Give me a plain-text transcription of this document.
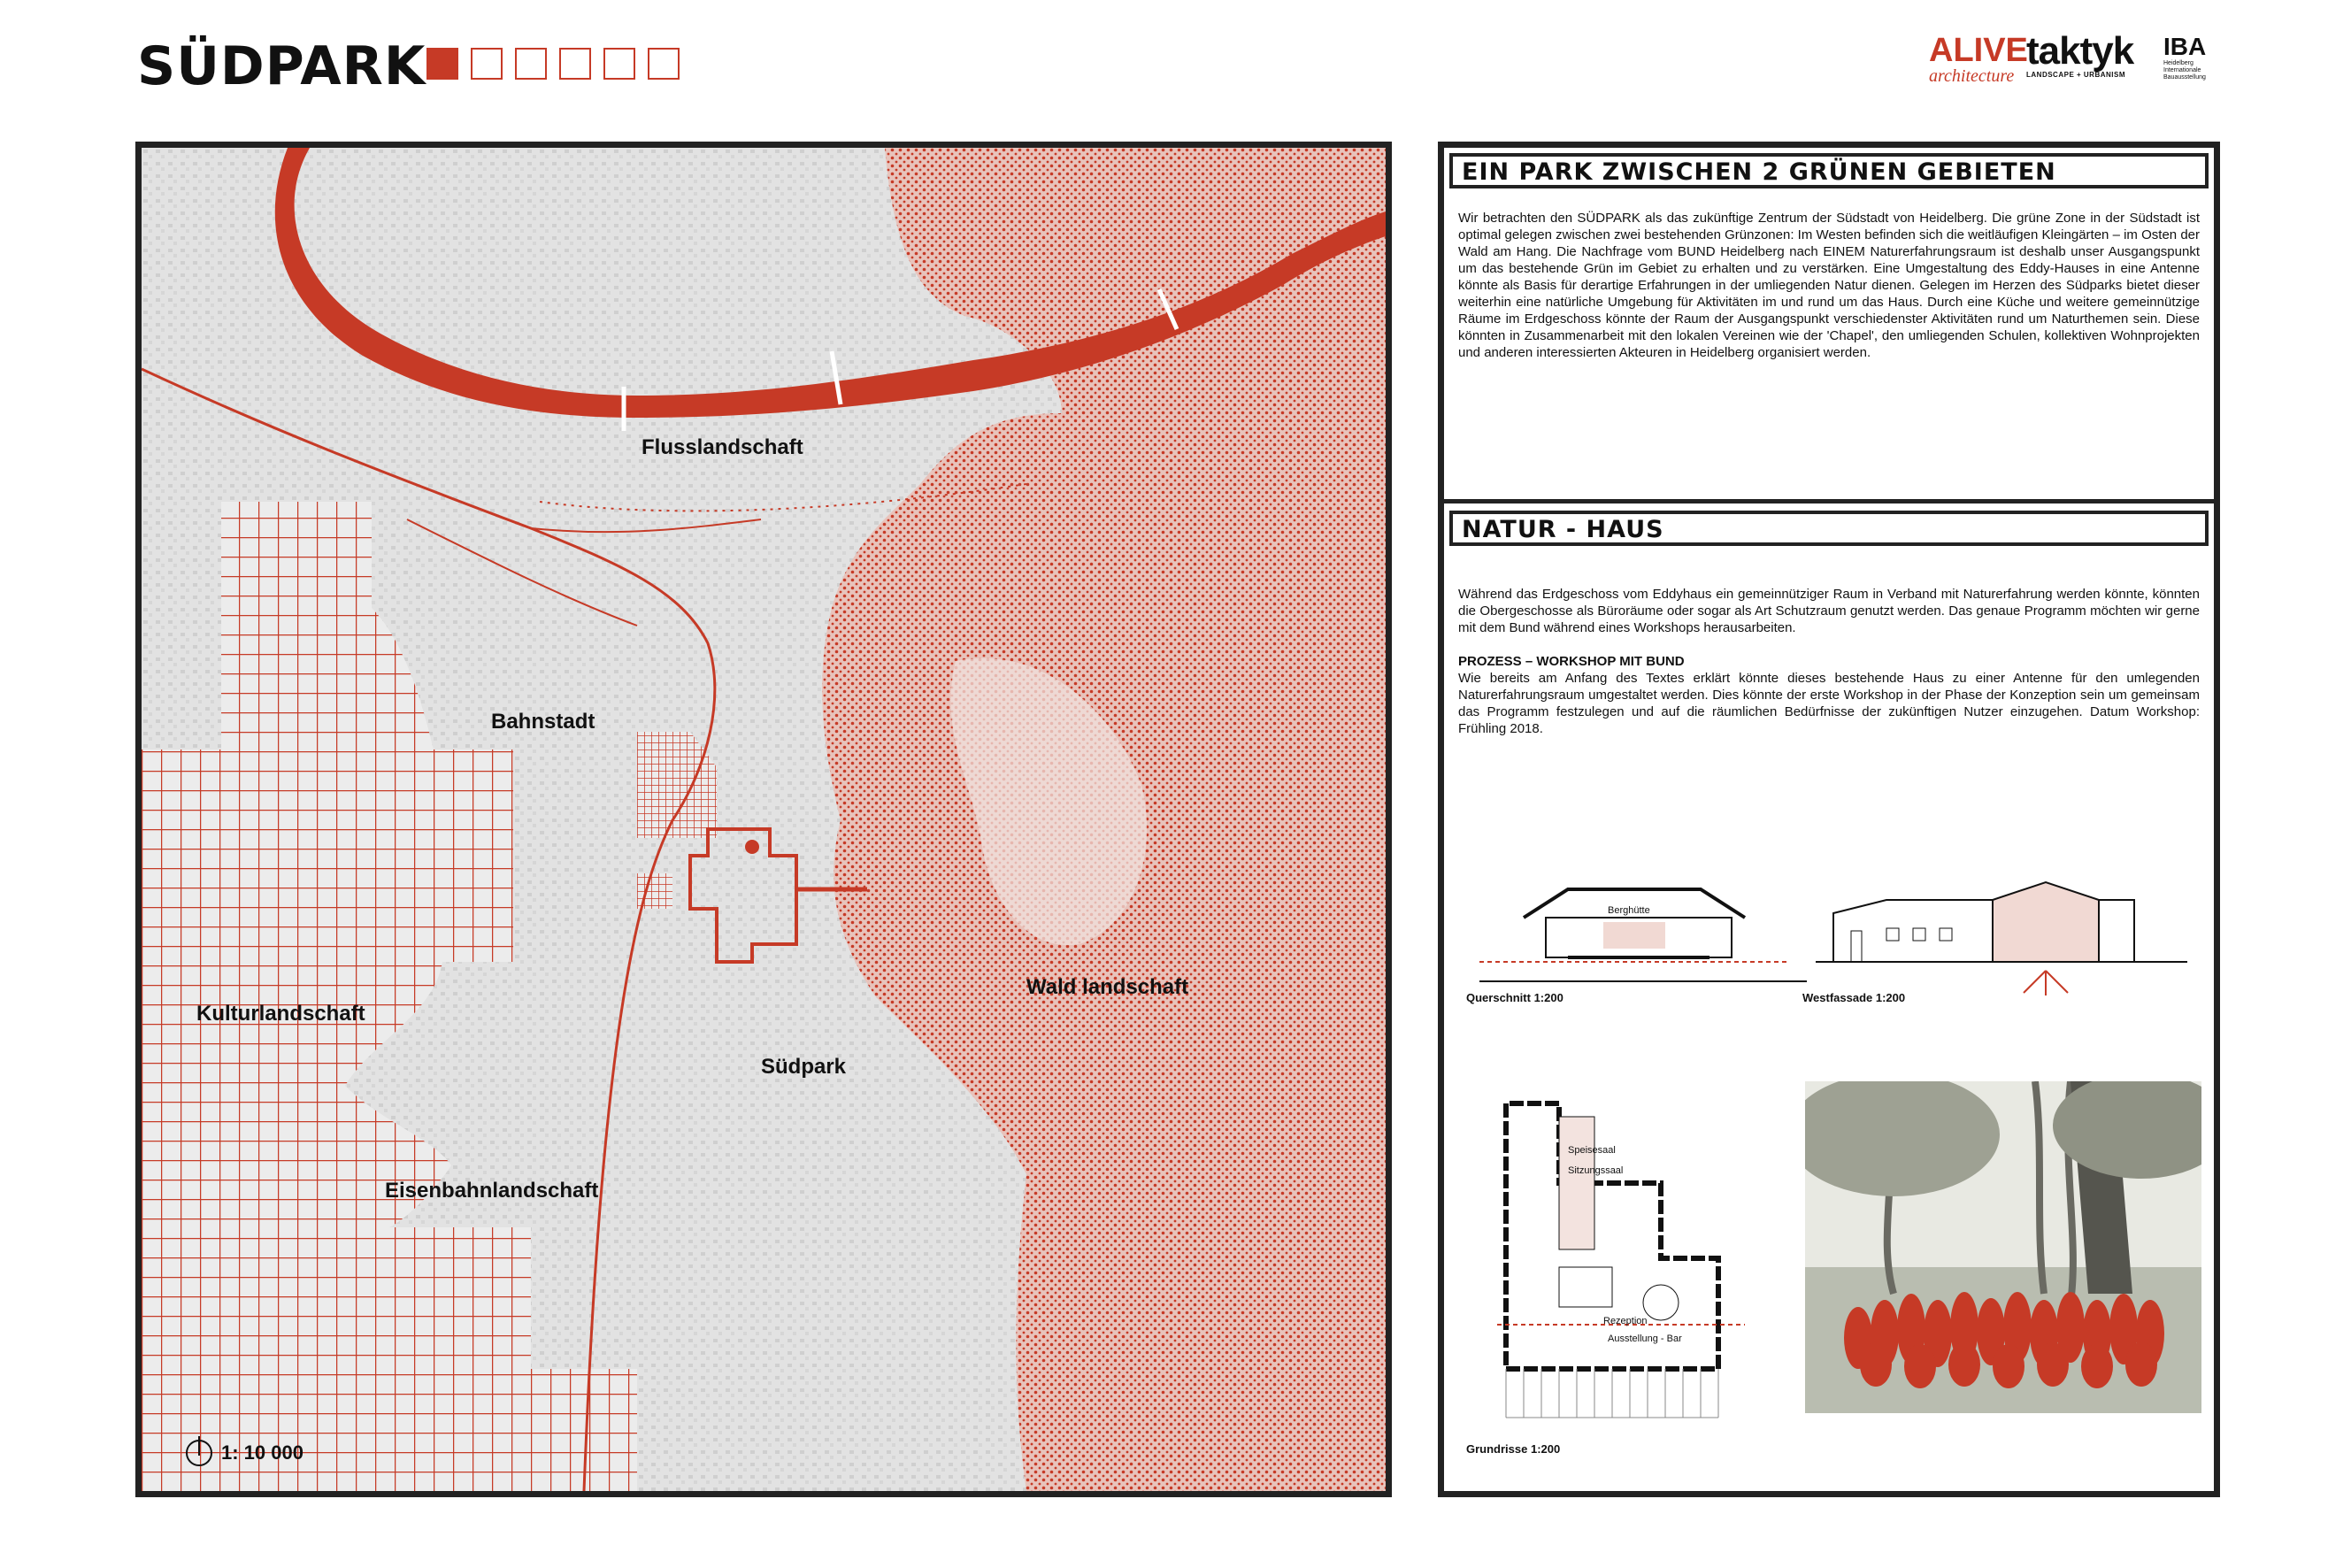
SÜDPARK	ALIVE
architecture
taktyk
LANDSCAPE + URBANISM
IBA
Heidelberg Internationale Bauausstellung
Flusslandschaft
Bahnstadt
Kulturlandschaft
Südpark
Wald landschaft
Eisenbahnlandschaft
1: 10 000
EIN PARK ZWISCHEN 2 GRÜNEN GEBIETEN
Wir betrachten den SÜDPARK als das zukünftige Zentrum der Südstadt von Heidelberg. Die grüne Zone in der Südstadt ist optimal gelegen zwischen zwei bestehenden Grünzonen: Im Westen befinden sich die weitläufigen Kleingärten – im Osten der Wald am Hang. Die Nachfrage vom BUND Heidelberg nach EINEM Naturerfahrungsraum ist deshalb unser Ausgangspunkt um das bestehende Grün im Gebiet zu erhalten und zu verstärken. Eine Umgestaltung des Eddy-Hauses in eine Antenne könnte als Basis für derartige Erfahrungen in der umliegenden Natur dienen. Gelegen im Herzen des Südparks bietet dieser weiterhin eine natürliche Umgebung für Aktivitäten im und rund um das Haus. Durch eine Küche und weitere gemeinnützige Räume im Erdgeschoss könnte der Raum der Ausgangspunkt verschiedenster Aktivitäten rund um Naturthemen sein. Diese könnten in Zusammenarbeit mit den lokalen Vereinen wie der 'Chapel', den umliegenden Schulen, kollektiven Wohnprojekten und anderen interessierten Akteuren in Heidelberg organisiert werden.
NATUR - HAUS
Während das Erdgeschoss vom Eddyhaus ein gemeinnütziger Raum in Verband mit Naturerfahrung werden könnte, könnten die Obergeschosse als Büroräume oder sogar als Art Schutzraum genutzt werden. Das genaue Programm möchten wir gerne mit dem Bund während eines Workshops herausarbeiten.
PROZESS – WORKSHOP MIT BUND
Wie bereits am Anfang des Textes erklärt könnte dieses bestehende Haus zu einer Antenne für den umlegenden Naturerfahrungsraum umgestaltet werden. Dies könnte der erste Workshop in der Phase der Konzeption sein um gemeinsam das Programm festzulegen und auf die räumlichen Bedürfnisse der zukünftigen Nutzer einzugehen. Datum Workshop: Frühling 2018.
Berghütte
Querschnitt 1:200	Westfassade 1:200
Speisesaal
Sitzungssaal
Rezeption
Ausstellung - Bar
Grundrisse 1:200
